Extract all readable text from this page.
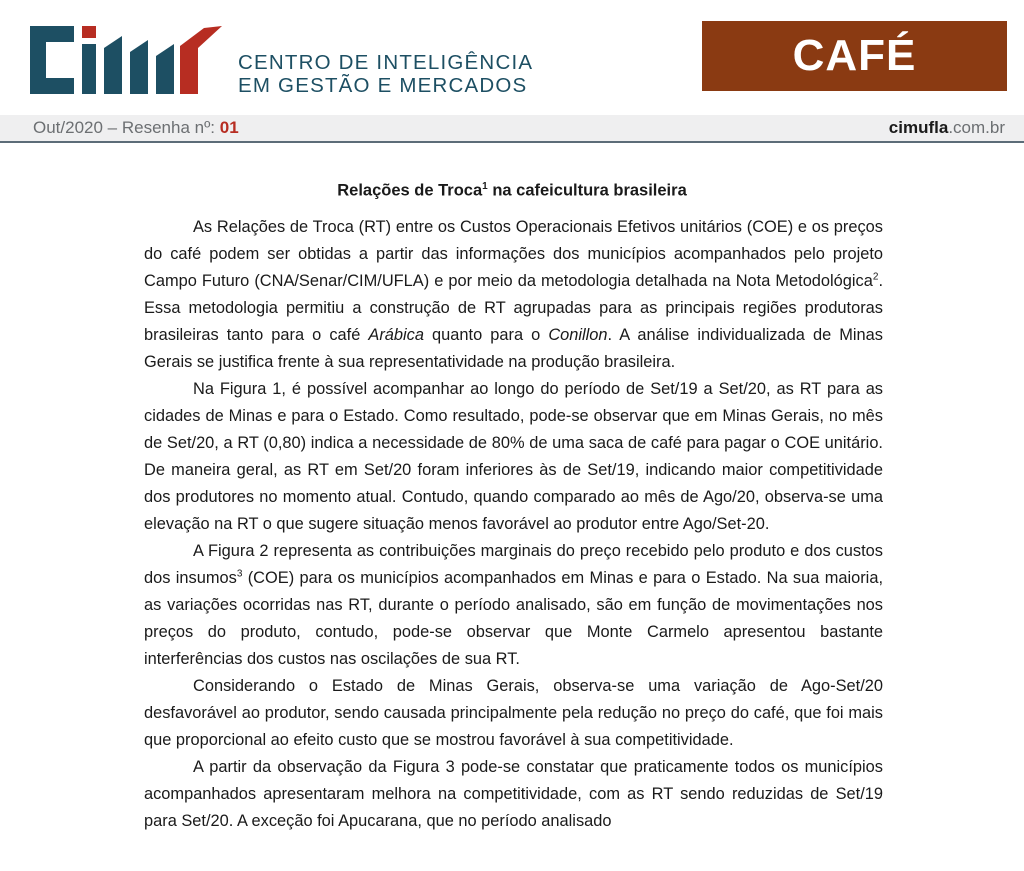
CENTRO DE INTELIGÊNCIA
EM GESTÃO E MERCADOS
CAFÉ
Out/2020 – Resenha nº: 01	cimufla.com.br
Relações de Troca$^1$ na cafeicultura brasileira

As Relações de Troca (RT) entre os Custos Operacionais Efetivos unitários (COE) e os preços do café podem ser obtidas a partir das informações dos municípios acompanhados pelo projeto Campo Futuro (CNA/Senar/CIM/UFLA) e por meio da metodologia detalhada na Nota Metodológica$^2$. Essa metodologia permitiu a construção de RT agrupadas para as principais regiões produtoras brasileiras tanto para o café Arábica quanto para o Conillon. A análise individualizada de Minas Gerais se justifica frente à sua representatividade na produção brasileira.

Na Figura 1, é possível acompanhar ao longo do período de Set/19 a Set/20, as RT para as cidades de Minas e para o Estado. Como resultado, pode-se observar que em Minas Gerais, no mês de Set/20, a RT (0,80) indica a necessidade de 80% de uma saca de café para pagar o COE unitário. De maneira geral, as RT em Set/20 foram inferiores às de Set/19, indicando maior competitividade dos produtores no momento atual. Contudo, quando comparado ao mês de Ago/20, observa-se uma elevação na RT o que sugere situação menos favorável ao produtor entre Ago/Set-20.

A Figura 2 representa as contribuições marginais do preço recebido pelo produto e dos custos dos insumos$^3$ (COE) para os municípios acompanhados em Minas e para o Estado. Na sua maioria, as variações ocorridas nas RT, durante o período analisado, são em função de movimentações nos preços do produto, contudo, pode-se observar que Monte Carmelo apresentou bastante interferências dos custos nas oscilações de sua RT.

Considerando o Estado de Minas Gerais, observa-se uma variação de Ago-Set/20 desfavorável ao produtor, sendo causada principalmente pela redução no preço do café, que foi mais que proporcional ao efeito custo que se mostrou favorável à sua competitividade.

A partir da observação da Figura 3 pode-se constatar que praticamente todos os municípios acompanhados apresentaram melhora na competitividade, com as RT sendo reduzidas de Set/19 para Set/20. A exceção foi Apucarana, que no período analisado
